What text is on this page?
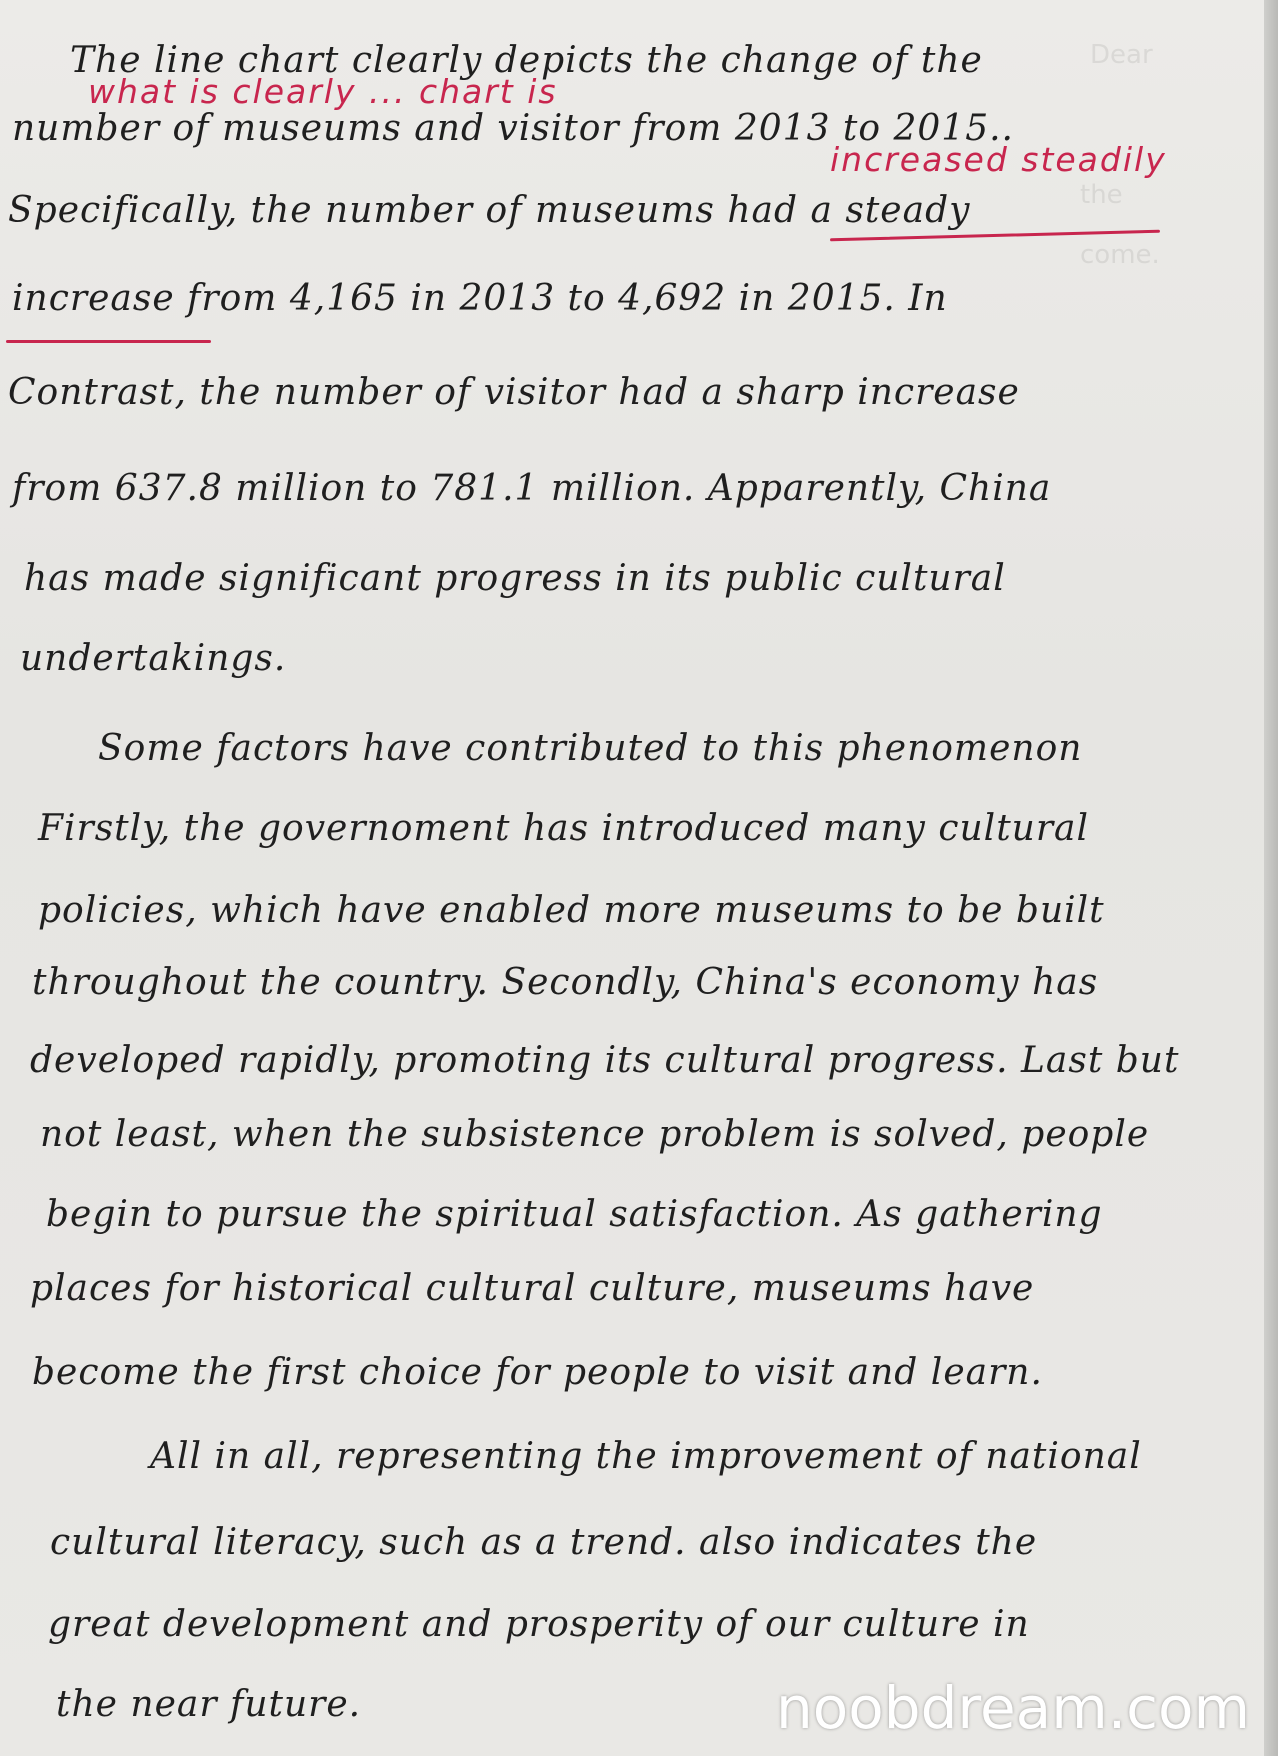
Dear
the
come.
The line chart clearly depicts the change of the
what is clearly ... chart is
number of museums and visitor from 2013 to 2015..
increased steadily
Specifically, the number of museums had a steady
increase from 4,165 in 2013 to 4,692 in 2015. In
Contrast, the number of visitor had a sharp increase
from 637.8 million to 781.1 million. Apparently, China
has made significant progress in its public cultural
undertakings.
Some factors have contributed to this phenomenon
Firstly, the governoment has introduced many cultural
policies, which have enabled more museums to be built
throughout the country. Secondly, China's economy has
developed rapidly, promoting its cultural progress. Last but
not least, when the subsistence problem is solved, people
begin to pursue the spiritual satisfaction. As gathering
places for historical cultural culture, museums have
become the first choice for people to visit and learn.
All in all, representing the improvement of national
cultural literacy, such as a trend. also indicates the
great development and prosperity of our culture in
the near future.	noobdream.com
